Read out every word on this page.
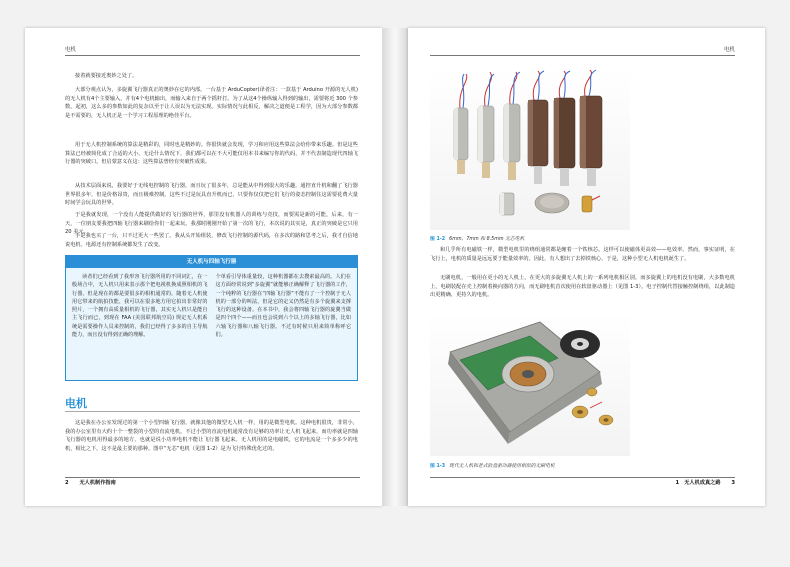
电机
接着就要接近奥妙之处了。
大部分观点认为，多旋翼飞行器真正的奥妙在它的内部。一台基于 ArduCopter(译者注：一款基于 Arduino 开源的无人机)的无人机有4个主要输入，并有4个电机输出，而输入来自于两个摇杆打。为了从这4个操纵输入得到的输出，需要将近 300 个参数。起初，这么多的参数如此的复杂以至于让人误以为无法实现。实际情况与此相反，解决之道便是工程学，因为大部分参数都是不需要的，无人机正是一个学习工程原理的绝佳平台。
用于无人机控制系统的算法是精彩的，同时也是精妙的。你很快就会发现，学习和应用这些算法会给你带来乐趣。但是这些算法已经被简化成了合适的大小。无论什么情况下，我们都可以在不大可能仅用本书来编写你的代码，并不代表制造现代四轴飞行器的突破口。但启蒙意义在这：这些算法曾经有突破性成果。
从技术层面来说，我要好于无线电控制的飞行器，而且玩了很多年，总是能从中得到很大的乐趣。通控直升机和翻了飞行器世界很多年，但是价格昂贵，而且极难控制。这些不过是玩具直升机而已，只要你仅仅把它们飞行的姿态控制住这需要花费大量时间学会玩具的世界。
于是我就发现，一个没有人能提供做好的飞行器的世界，那里没有机器人的训练与竞技，而要需是新的可能，后来，有一天，一位朋友要我把四轴飞行器来刷给你们一起来玩。我那时刚刚开始了第一次的飞行，本次说的其实是，真正的突破是它只用 20 美元。
手是我也买了一台，只不过更大一些罢了。我从头开始组装，修改飞行控制的源代码，在多次的路和思考之后，我才自信地说电机、电源还有控制系统都发生了改变。
无人机与四轴飞行器
读者们已经看到了我形容飞行器所用的不同词汇，在一般场合中，无人机只用来表示那个把电视机换成照相机的飞行器，但是现在的都是要很多的相机通常的。随着无人机使用它带来的航拍技能，我可以在很多地方用它拍出非常好的照片，一个拥有高质量相机的飞行器，其实无人机只是能自主飞行而已，到现在 FAA (美国联邦航空局) 规定无人机系统是需要操作人员来控制的，我们已经得了多多的自主导航能力，而且没有得到正确的理解。
个单看引导体重量较，这种机器都在去搜索最高的。人们在这方面经常说到“多旋翼”就能够正确解释了飞行器的工作，一个纯粹的飞行器在“四轴飞行器”不能有了一个控制于无人机的一部分的叫法，但是它的定义仍然是有多个旋翼来支撑飞行的这种设备。在本书中，我会将四轴飞行器的旋翼当做是四个四个——而且也会说到六个以上的多轴飞行器，比如六轴飞行器和八轴飞行器。不过有时候只用来简单称呼它们。
电机
这是我在办公室发现过的第一个小型四轴飞行器，就像其他的微型无人机一样，用的是微型电机。这种电机很贵，非常小，我的办公室里有大约十个一整袋的小型的直流电机。不过小型的直流电机通常没有足够的功率让无人机飞起来，而功率就是四轴飞行器的电机用得最多的地方，也就是说小功率电机不能让飞行器飞起来。无人机用的是电磁铁，它的电流是一个多多少的电机，相比之下，这不是最主要的那种。图中“无芯”电机（见图 1-2）是为飞行特殊优化过的。
2 无人机制作指南
电机
图 1-2 6mm、7mm 和 8.5mm 无芯电机
和几乎所有电磁铁一样，微型电机里的绕组通常都是缠着一个铁核芯。这样可以使磁体更高效——电效率。然而，事实证明，在飞行上，电机的质量是远远要于能量效率的。因此，有人想出了去掉铁核心。于是，这种小型无人机电机诞生了。
无刷电机，一般用在更小的无人机上，在更大的多旋翼无人机上的一系列电机相区别。而多旋翼上的电机没有电刷，大多数电机上，电刷装配在壳上控制着换向器的方向，而无刷电机首次使用在软盘驱动器上（见图 1-3）。电子控制代替接触控制绕组，以此制造出更精确、更持久的电机。
图 1-3 现代无人机和老式软盘驱动器使用相似的无刷电机
1　无人机成真之路 3
